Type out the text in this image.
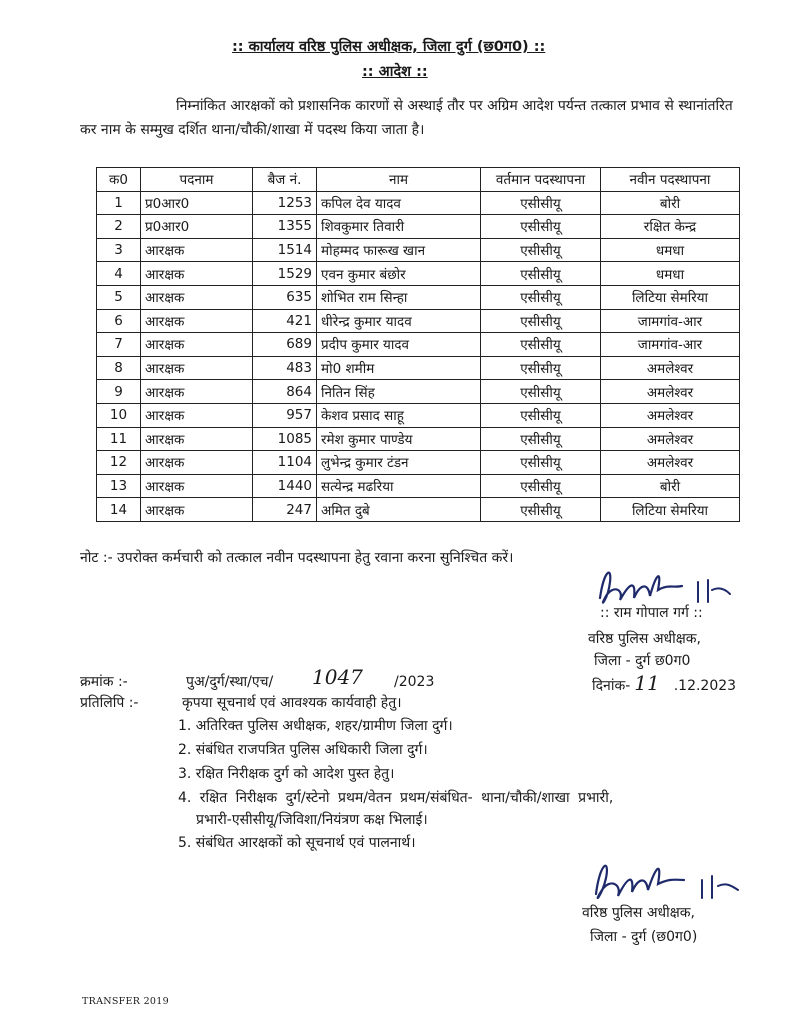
:: कार्यालय वरिष्ठ पुलिस अधीक्षक, जिला दुर्ग (छ0ग0) ::
:: आदेश ::
निम्नांकित आरक्षकों को प्रशासनिक कारणों से अस्थाई तौर पर अग्रिम आदेश पर्यन्त तत्काल प्रभाव से स्थानांतरित कर नाम के सम्मुख दर्शित थाना/चौकी/शाखा में पदस्थ किया जाता है।
क0	पदनाम	बैज नं.	नाम	वर्तमान पदस्थापना	नवीन पदस्थापना
1	प्र0आर0	1253	कपिल देव यादव	एसीसीयू	बोरी
2	प्र0आर0	1355	शिवकुमार तिवारी	एसीसीयू	रक्षित केन्द्र
3	आरक्षक	1514	मोहम्मद फारूख खान	एसीसीयू	धमधा
4	आरक्षक	1529	एवन कुमार बंछोर	एसीसीयू	धमधा
5	आरक्षक	635	शोभित राम सिन्हा	एसीसीयू	लिटिया सेमरिया
6	आरक्षक	421	धीरेन्द्र कुमार यादव	एसीसीयू	जामगांव-आर
7	आरक्षक	689	प्रदीप कुमार यादव	एसीसीयू	जामगांव-आर
8	आरक्षक	483	मो0 शमीम	एसीसीयू	अमलेश्वर
9	आरक्षक	864	नितिन सिंह	एसीसीयू	अमलेश्वर
10	आरक्षक	957	केशव प्रसाद साहू	एसीसीयू	अमलेश्वर
11	आरक्षक	1085	रमेश कुमार पाण्डेय	एसीसीयू	अमलेश्वर
12	आरक्षक	1104	लुभेन्द्र कुमार टंडन	एसीसीयू	अमलेश्वर
13	आरक्षक	1440	सत्येन्द्र मढरिया	एसीसीयू	बोरी
14	आरक्षक	247	अमित दुबे	एसीसीयू	लिटिया सेमरिया
नोट :- उपरोक्त कर्मचारी को तत्काल नवीन पदस्थापना हेतु रवाना करना सुनिश्चित करें।
:: राम गोपाल गर्ग ::
वरिष्ठ पुलिस अधीक्षक,
जिला - दुर्ग छ0ग0
दिनांक- 11 .12.2023
क्रमांक :-	पुअ/दुर्ग/स्था/एच/ 1047 /2023
प्रतिलिपि :-	कृपया सूचनार्थ एवं आवश्यक कार्यवाही हेतु।
1. अतिरिक्त पुलिस अधीक्षक, शहर/ग्रामीण जिला दुर्ग।
2. संबंधित राजपत्रित पुलिस अधिकारी जिला दुर्ग।
3. रक्षित निरीक्षक दुर्ग को आदेश पुस्त हेतु।
4. रक्षित निरीक्षक दुर्ग/स्टेनो प्रथम/वेतन प्रथम/संबंधित- थाना/चौकी/शाखा प्रभारी,
प्रभारी-एसीसीयू/जिविशा/नियंत्रण कक्ष भिलाई।
5. संबंधित आरक्षकों को सूचनार्थ एवं पालनार्थ।
वरिष्ठ पुलिस अधीक्षक,
जिला - दुर्ग (छ0ग0)
TRANSFER 2019
